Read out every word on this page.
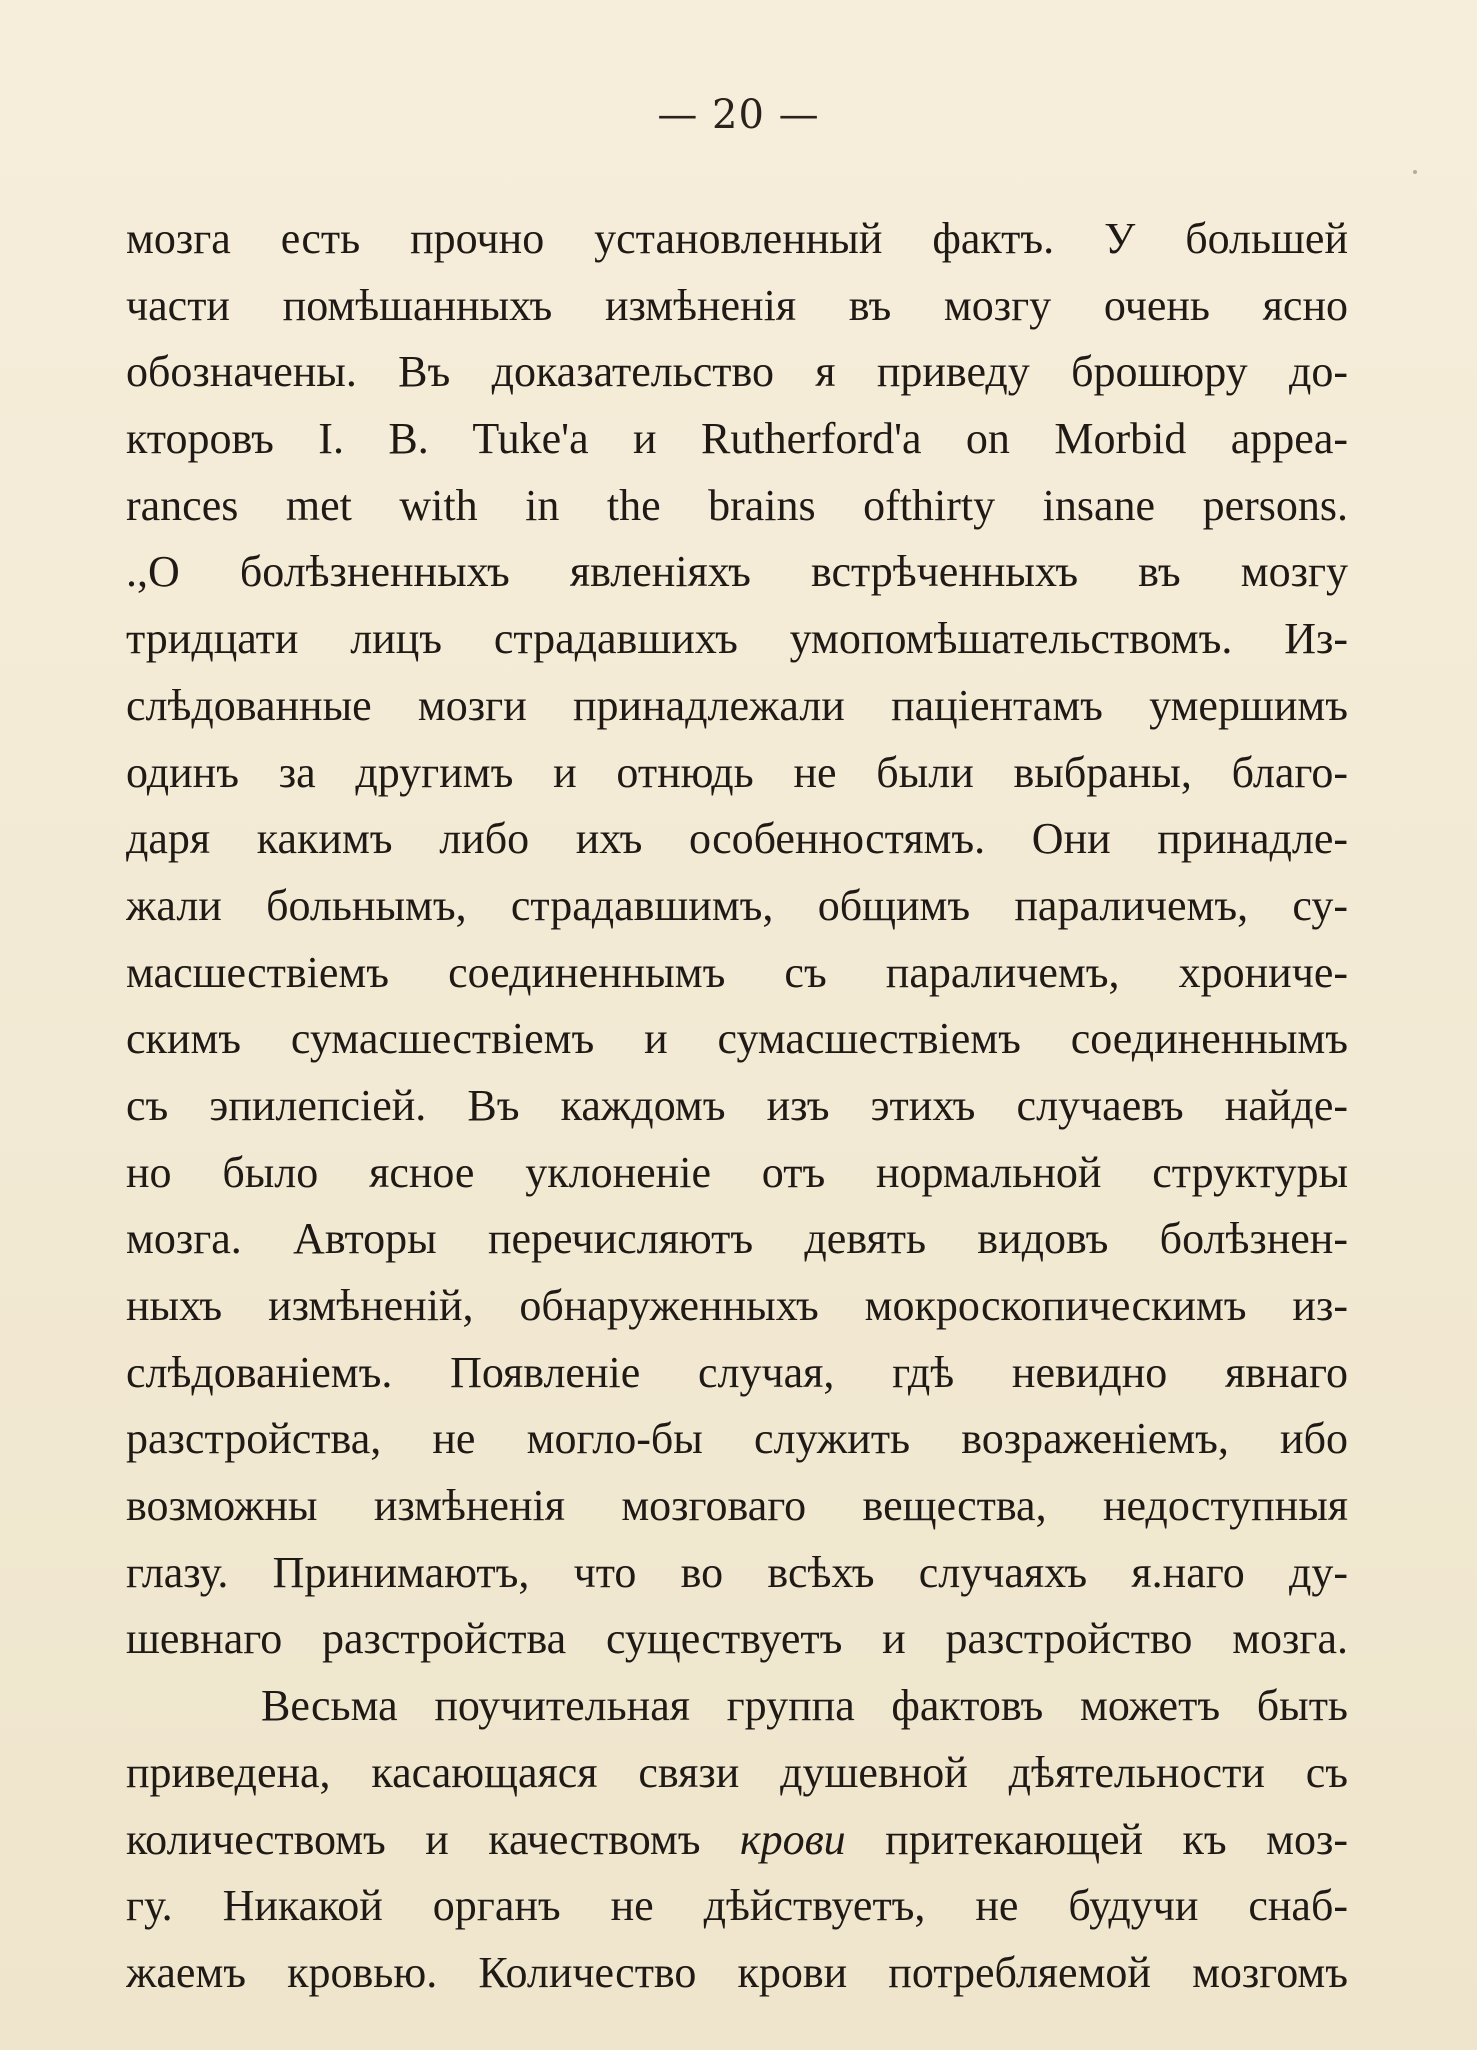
— 20 —
мозга есть прочно установленный фактъ. У большей
части помѣшанныхъ измѣненія въ мозгу очень ясно
обозначены. Въ доказательство я приведу брошюру до-
кторовъ I. B. Tuke'a и Rutherford'a on Morbid appea-
rances met with in the brains ofthirty insane persons.
.,О болѣзненныхъ явленіяхъ встрѣченныхъ въ мозгу
тридцати лицъ страдавшихъ умопомѣшательствомъ. Из-
слѣдованные мозги принадлежали паціентамъ умершимъ
одинъ за другимъ и отнюдь не были выбраны, благо-
даря какимъ либо ихъ особенностямъ. Они принадле-
жали больнымъ, страдавшимъ, общимъ параличемъ, су-
масшествіемъ соединеннымъ съ параличемъ, хрониче-
скимъ сумасшествіемъ и сумасшествіемъ соединеннымъ
съ эпилепсіей. Въ каждомъ изъ этихъ случаевъ найде-
но было ясное уклоненіе отъ нормальной структуры
мозга. Авторы перечисляютъ девять видовъ болѣзнен-
ныхъ измѣненій, обнаруженныхъ мокроскопическимъ из-
слѣдованіемъ. Появленіе случая, гдѣ невидно явнаго
разстройства, не могло-бы служить возраженіемъ, ибо
возможны измѣненія мозговаго вещества, недоступныя
глазу. Принимаютъ, что во всѣхъ случаяхъ я.наго ду-
шевнаго разстройства существуетъ и разстройство мозга.
Весьма поучительная группа фактовъ можетъ быть
приведена, касающаяся связи душевной дѣятельности съ
количествомъ и качествомъ крови притекающей къ моз-
гу. Никакой органъ не дѣйствуетъ, не будучи снаб-
жаемъ кровью. Количество крови потребляемой мозгомъ
